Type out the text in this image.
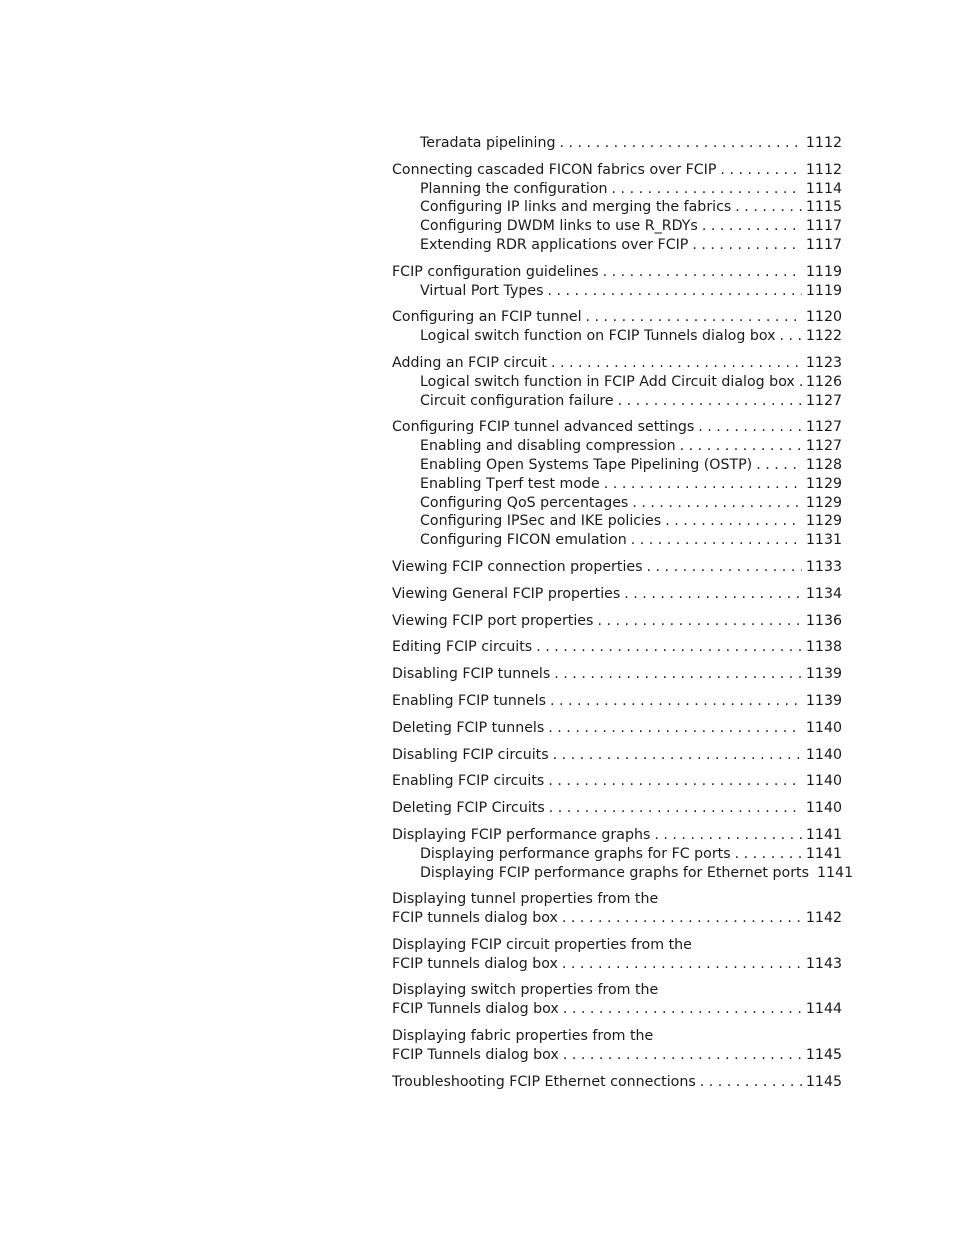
Teradata pipelining . . .	1112
Connecting cascaded FICON fabrics over FCIP . . .	1112
Planning the configuration . . .	1114
Configuring IP links and merging the fabrics . . .	1115
Configuring DWDM links to use R_RDYs . . .	1117
Extending RDR applications over FCIP . . .	1117
FCIP configuration guidelines . . .	1119
Virtual Port Types . . .	1119
Configuring an FCIP tunnel . . .	1120
Logical switch function on FCIP Tunnels dialog box . . . 1122
Adding an FCIP circuit . . .	1123
Logical switch function in FCIP Add Circuit dialog box . . . 1126
Circuit configuration failure . . .	1127
Configuring FCIP tunnel advanced settings . . .	1127
Enabling and disabling compression . . .	1127
Enabling Open Systems Tape Pipelining (OSTP) . . .	1128
Enabling Tperf test mode . . .	1129
Configuring QoS percentages . . .	1129
Configuring IPSec and IKE policies . . .	1129
Configuring FICON emulation . . .	1131
Viewing FCIP connection properties . . .	1133
Viewing General FCIP properties . . .	1134
Viewing FCIP port properties . . .	1136
Editing FCIP circuits . . .	1138
Disabling FCIP tunnels . . .	1139
Enabling FCIP tunnels . . .	1139
Deleting FCIP tunnels . . .	1140
Disabling FCIP circuits . . .	1140
Enabling FCIP circuits . . .	1140
Deleting FCIP Circuits . . .	1140
Displaying FCIP performance graphs . . .	1141
Displaying performance graphs for FC ports . . .	1141
Displaying FCIP performance graphs for Ethernet ports 1141
Displaying tunnel properties from the
FCIP tunnels dialog box . . .	1142
Displaying FCIP circuit properties from the
FCIP tunnels dialog box . . .	1143
Displaying switch properties from the
FCIP Tunnels dialog box . . .	1144
Displaying fabric properties from the
FCIP Tunnels dialog box . . .	1145
Troubleshooting FCIP Ethernet connections . . .	1145
